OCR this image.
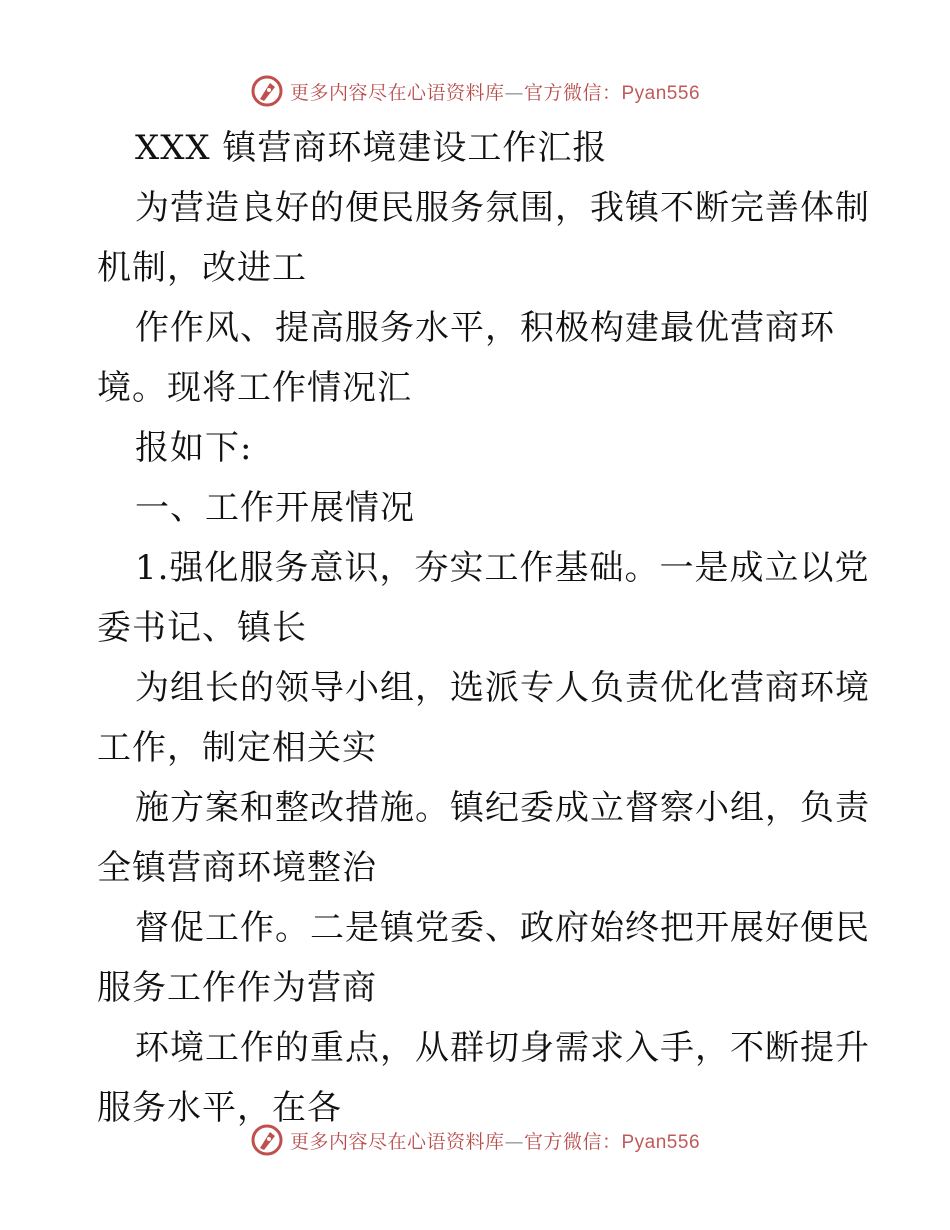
更多内容尽在心语资料库—官方微信：Pyan556
XXX 镇营商环境建设工作汇报
为营造良好的便民服务氛围，我镇不断完善体制
机制，改进工
作作风、提高服务水平，积极构建最优营商环
境。现将工作情况汇
报如下:
一、工作开展情况
1.强化服务意识，夯实工作基础。一是成立以党
委书记、镇长
为组长的领导小组，选派专人负责优化营商环境
工作，制定相关实
施方案和整改措施。镇纪委成立督察小组，负责
全镇营商环境整治
督促工作。二是镇党委、政府始终把开展好便民
服务工作作为营商
环境工作的重点，从群切身需求入手，不断提升
服务水平，在各
更多内容尽在心语资料库—官方微信：Pyan556
